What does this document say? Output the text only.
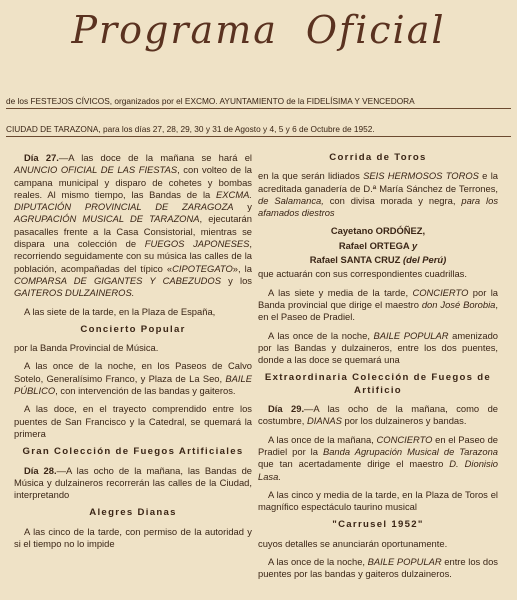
Programa Oficial
de los FESTEJOS CÍVICOS, organizados por el EXCMO. AYUNTAMIENTO de la FIDELÍSIMA Y VENCEDORA
CIUDAD DE TARAZONA, para los días 27, 28, 29, 30 y 31 de Agosto y 4, 5 y 6 de Octubre de 1952.

Día 27.—A las doce de la mañana se hará el ANUNCIO OFICIAL DE LAS FIESTAS, con volteo de la campana municipal y disparo de cohetes y bombas reales. Al mismo tiempo, las Bandas de la EXCMA. DIPUTACIÓN PROVINCIAL DE ZARAGOZA y AGRUPACIÓN MUSICAL DE TARAZONA, ejecutarán pasacalles frente a la Casa Consistorial, mientras se dispara una colección de FUEGOS JAPONESES, recorriendo seguidamente con su música las calles de la población, acompañadas del típico «CIPOTEGATO», la COMPARSA DE GIGANTES Y CABEZUDOS y los GAITEROS DULZAINEROS.

A las siete de la tarde, en la Plaza de España,

Concierto Popular

por la Banda Provincial de Música.

A las once de la noche, en los Paseos de Calvo Sotelo, Generalísimo Franco, y Plaza de La Seo, BAILE PÚBLICO, con intervención de las bandas y gaiteros.

A las doce, en el trayecto comprendido entre los puentes de San Francisco y la Catedral, se quemará la primera

Gran Colección de Fuegos Artificiales

Día 28.—A las ocho de la mañana, las Bandas de Música y dulzaineros recorrerán las calles de la Ciudad, interpretando

Alegres Dianas

A las cinco de la tarde, con permiso de la autoridad y si el tiempo no lo impide

Corrida de Toros

en la que serán lidiados SEIS HERMOSOS TOROS e la acreditada ganadería de D.ª María Sánchez de Terrones, de Salamanca, con divisa morada y negra, para los afamados diestros

Cayetano ORDÓÑEZ,
Rafael ORTEGA y
Rafael SANTA CRUZ (del Perú)

que actuarán con sus correspondientes cuadrillas.

A las siete y media de la tarde, CONCIERTO por la Banda provincial que dirige el maestro don José Borobia, en el Paseo de Pradiel.

A las once de la noche, BAILE POPULAR amenizado por las Bandas y dulzaineros, entre los dos puentes, donde a las doce se quemará una

Extraordinaria Colección de Fuegos de Artificio

Día 29.—A las ocho de la mañana, como de costumbre, DIANAS por los dulzaineros y bandas.

A las once de la mañana, CONCIERTO en el Paseo de Pradiel por la Banda Agrupación Musical de Tarazona que tan acertadamente dirige el maestro D. Dionisio Lasa.

A las cinco y media de la tarde, en la Plaza de Toros el magnífico espectáculo taurino musical

"Carrusel 1952"

cuyos detalles se anunciarán oportunamente.

A las once de la noche, BAILE POPULAR entre los dos puentes por las bandas y gaiteros dulzaineros.
